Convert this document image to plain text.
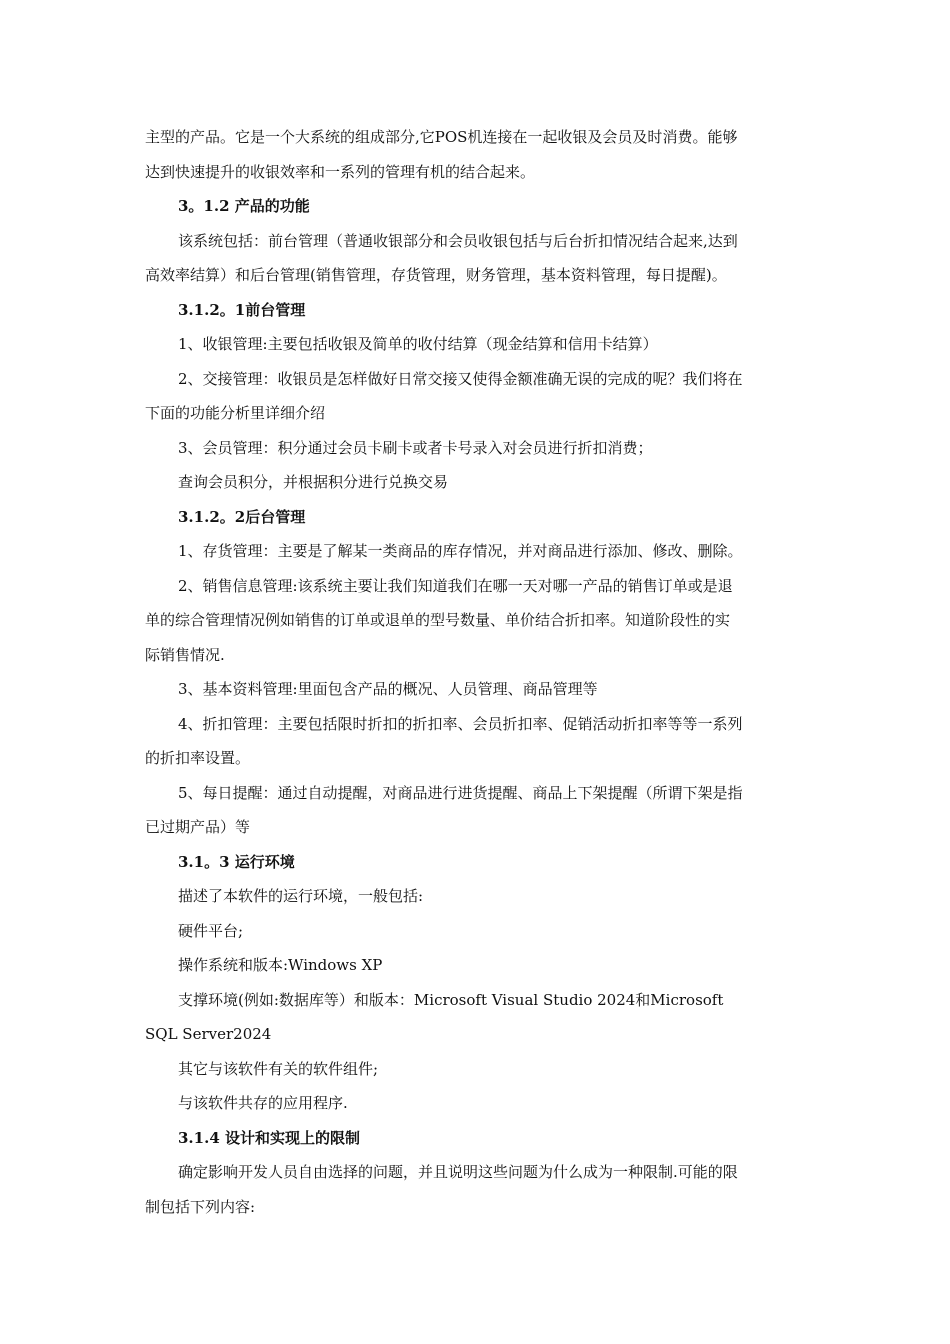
主型的产品。它是一个大系统的组成部分,它POS机连接在一起收银及会员及时消费。能够
达到快速提升的收银效率和一系列的管理有机的结合起来。
3。1.2 产品的功能
该系统包括：前台管理（普通收银部分和会员收银包括与后台折扣情况结合起来,达到
高效率结算）和后台管理(销售管理，存货管理，财务管理，基本资料管理，每日提醒)。
3.1.2。1前台管理
1、收银管理:主要包括收银及简单的收付结算（现金结算和信用卡结算）
2、交接管理：收银员是怎样做好日常交接又使得金额准确无误的完成的呢？我们将在
下面的功能分析里详细介绍
3、会员管理：积分通过会员卡刷卡或者卡号录入对会员进行折扣消费；
查询会员积分，并根据积分进行兑换交易
3.1.2。2后台管理
1、存货管理：主要是了解某一类商品的库存情况，并对商品进行添加、修改、删除。
2、销售信息管理:该系统主要让我们知道我们在哪一天对哪一产品的销售订单或是退
单的综合管理情况例如销售的订单或退单的型号数量、单价结合折扣率。知道阶段性的实
际销售情况.
3、基本资料管理:里面包含产品的概况、人员管理、商品管理等
4、折扣管理：主要包括限时折扣的折扣率、会员折扣率、促销活动折扣率等等一系列
的折扣率设置。
5、每日提醒：通过自动提醒，对商品进行进货提醒、商品上下架提醒（所谓下架是指
已过期产品）等
3.1。3 运行环境
描述了本软件的运行环境，一般包括:
硬件平台;
操作系统和版本:Windows XP
支撑环境(例如:数据库等）和版本：Microsoft Visual Studio 2024和Microsoft
SQL Server2024
其它与该软件有关的软件组件;
与该软件共存的应用程序.
3.1.4 设计和实现上的限制
确定影响开发人员自由选择的问题，并且说明这些问题为什么成为一种限制.可能的限
制包括下列内容:
